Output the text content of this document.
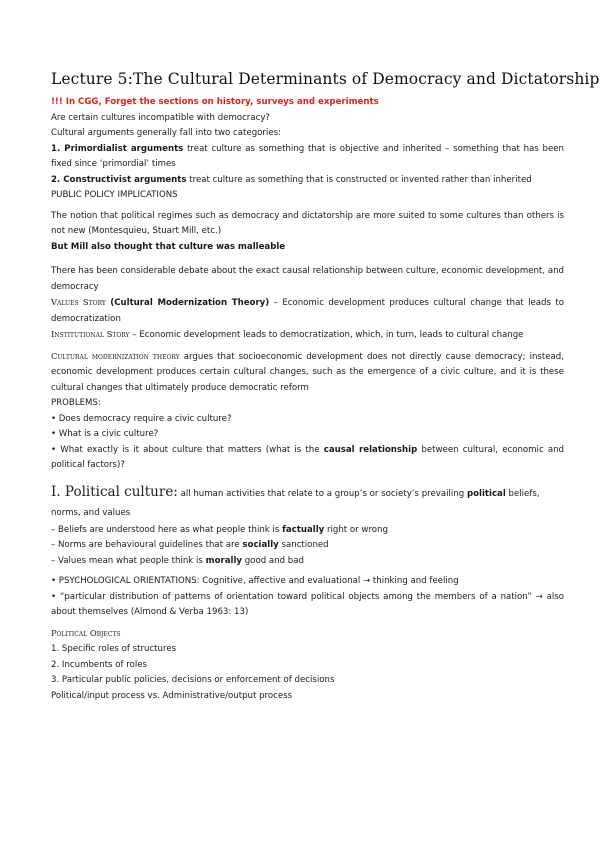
Lecture 5:The Cultural Determinants of Democracy and Dictatorship

!!! In CGG, Forget the sections on history, surveys and experiments

Are certain cultures incompatible with democracy?

Cultural arguments generally fall into two categories:

1. Primordialist arguments treat culture as something that is objective and inherited – something that has been fixed since ‘primordial’ times

2. Constructivist arguments treat culture as something that is constructed or invented rather than inherited

PUBLIC POLICY IMPLICATIONS

The notion that political regimes such as democracy and dictatorship are more suited to some cultures than others is not new (Montesquieu, Stuart Mill, etc.)

But Mill also thought that culture was malleable

There has been considerable debate about the exact causal relationship between culture, economic development, and democracy

Values Story (Cultural Modernization Theory) – Economic development produces cultural change that leads to democratization

Institutional Story – Economic development leads to democratization, which, in turn, leads to cultural change

Cultural modernization theory argues that socioeconomic development does not directly cause democracy; instead, economic development produces certain cultural changes, such as the emergence of a civic culture, and it is these cultural changes that ultimately produce democratic reform

PROBLEMS:

• Does democracy require a civic culture?

• What is a civic culture?

• What exactly is it about culture that matters (what is the causal relationship between cultural, economic and political factors)?

I. Political culture: all human activities that relate to a group’s or society’s prevailing political beliefs, norms, and values

– Beliefs are understood here as what people think is factually right or wrong

– Norms are behavioural guidelines that are socially sanctioned

– Values mean what people think is morally good and bad

• PSYCHOLOGICAL ORIENTATIONS: Cognitive, affective and evaluational → thinking and feeling

• “particular distribution of patterns of orientation toward political objects among the members of a nation” → also about themselves (Almond & Verba 1963: 13)

Political Objects

1. Specific roles of structures

2. Incumbents of roles

3. Particular public policies, decisions or enforcement of decisions

Political/input process vs. Administrative/output process
